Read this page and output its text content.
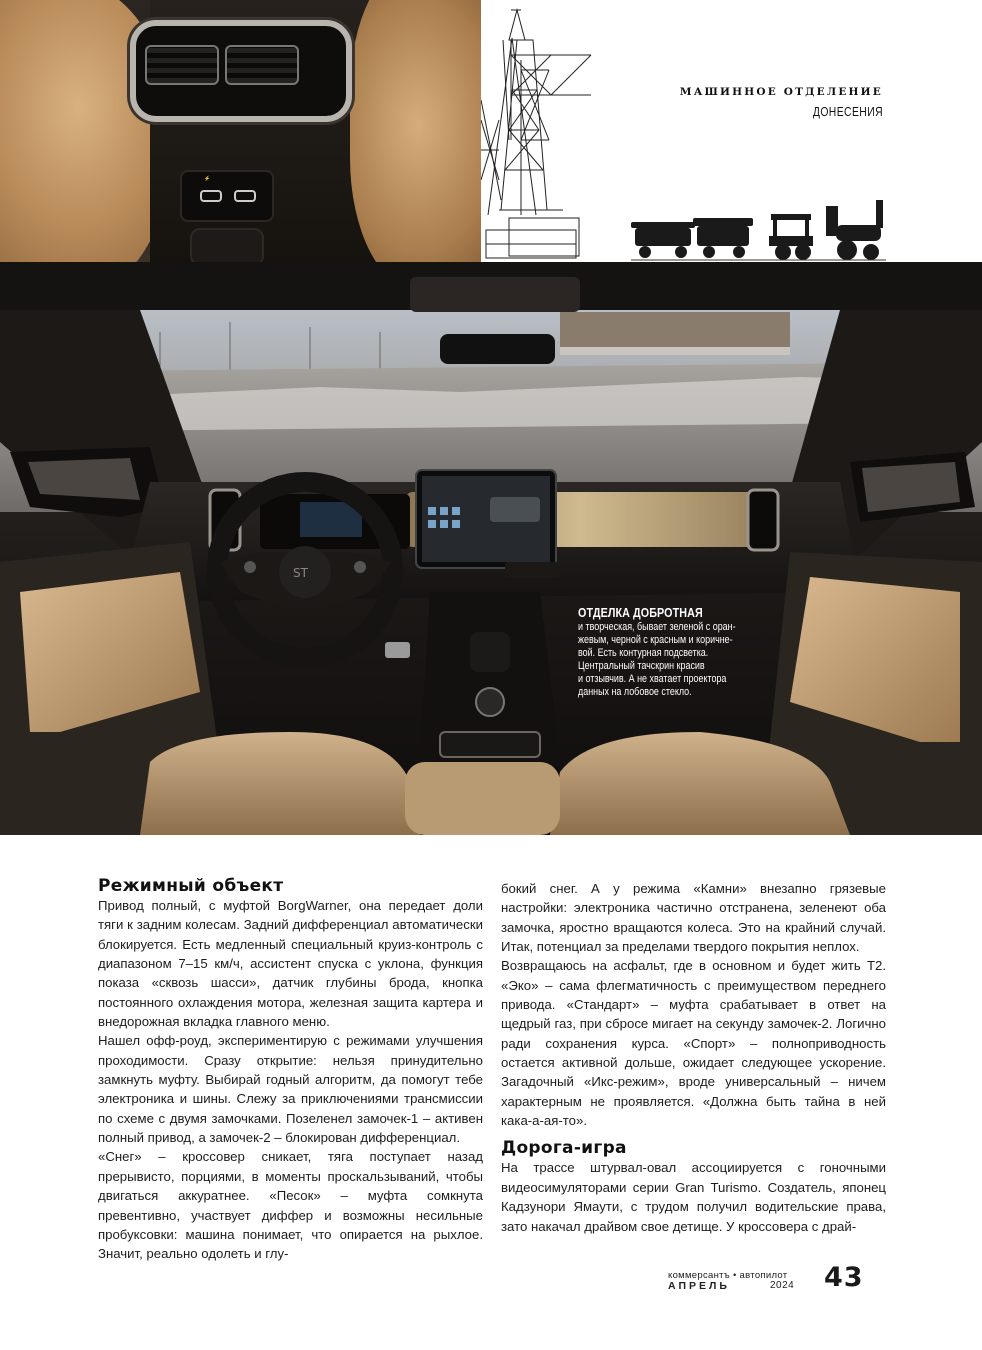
⚡
МАШИННОЕ ОТДЕЛЕНИЕ
ДОНЕСЕНИЯ
ST
ОТДЕЛКА ДОБРОТНАЯ
и творческая, бывает зеленой с оран-
жевым, черной с красным и коричне-
вой. Есть контурная подсветка.
Центральный тачскрин красив
и отзывчив. А не хватает проектора
данных на лобовое стекло.
Режимный объект

Привод полный, с муфтой BorgWarner, она передает доли тяги к задним колесам. Задний дифференциал автоматически блокируется. Есть медленный специальный круиз-контроль с диапазоном 7–15 км/ч, ассистент спуска с уклона, функция показа «сквозь шасси», датчик глубины брода, кнопка постоянного охлаждения мотора, железная защита картера и внедорожная вкладка главного меню.

Нашел офф-роуд, экспериментирую с режимами улучшения проходимости. Сразу открытие: нельзя принудительно замкнуть муфту. Выбирай годный алгоритм, да помогут тебе электроника и шины. Слежу за приключениями трансмиссии по схеме с двумя замочками. Позеленел замочек-1 – активен полный привод, а замочек-2 – блокирован дифференциал.

«Снег» – кроссовер сникает, тяга поступает назад прерывисто, порциями, в моменты проскальзываний, чтобы двигаться аккуратнее. «Песок» – муфта сомкнута превентивно, участвует диффер и возможны несильные пробуксовки: машина понимает, что опирается на рыхлое. Значит, реально одолеть и глу-

бокий снег. А у режима «Камни» внезапно грязевые настройки: электроника частично отстранена, зеленеют оба замочка, яростно вращаются колеса. Это на крайний случай. Итак, потенциал за пределами твердого покрытия неплох.

Возвращаюсь на асфальт, где в основном и будет жить T2. «Эко» – сама флегматичность с преимуществом переднего привода. «Стандарт» – муфта срабатывает в ответ на щедрый газ, при сбросе мигает на секунду замочек-2. Логично ради сохранения курса. «Спорт» – полноприводность остается активной дольше, ожидает следующее ускорение. Загадочный «Икс-режим», вроде универсальный – ничем характерным не проявляется. «Должна быть тайна в ней кака-а-ая-то».

Дорога-игра

На трассе штурвал-овал ассоциируется с гоночными видеосимуляторами серии Gran Turismo. Создатель, японец Кадзунори Ямаути, с трудом получил водительские права, зато накачал драйвом свое детище. У кроссовера с драй-

коммерсантъ • автопилот
АПРЕЛЬ	2024 43
